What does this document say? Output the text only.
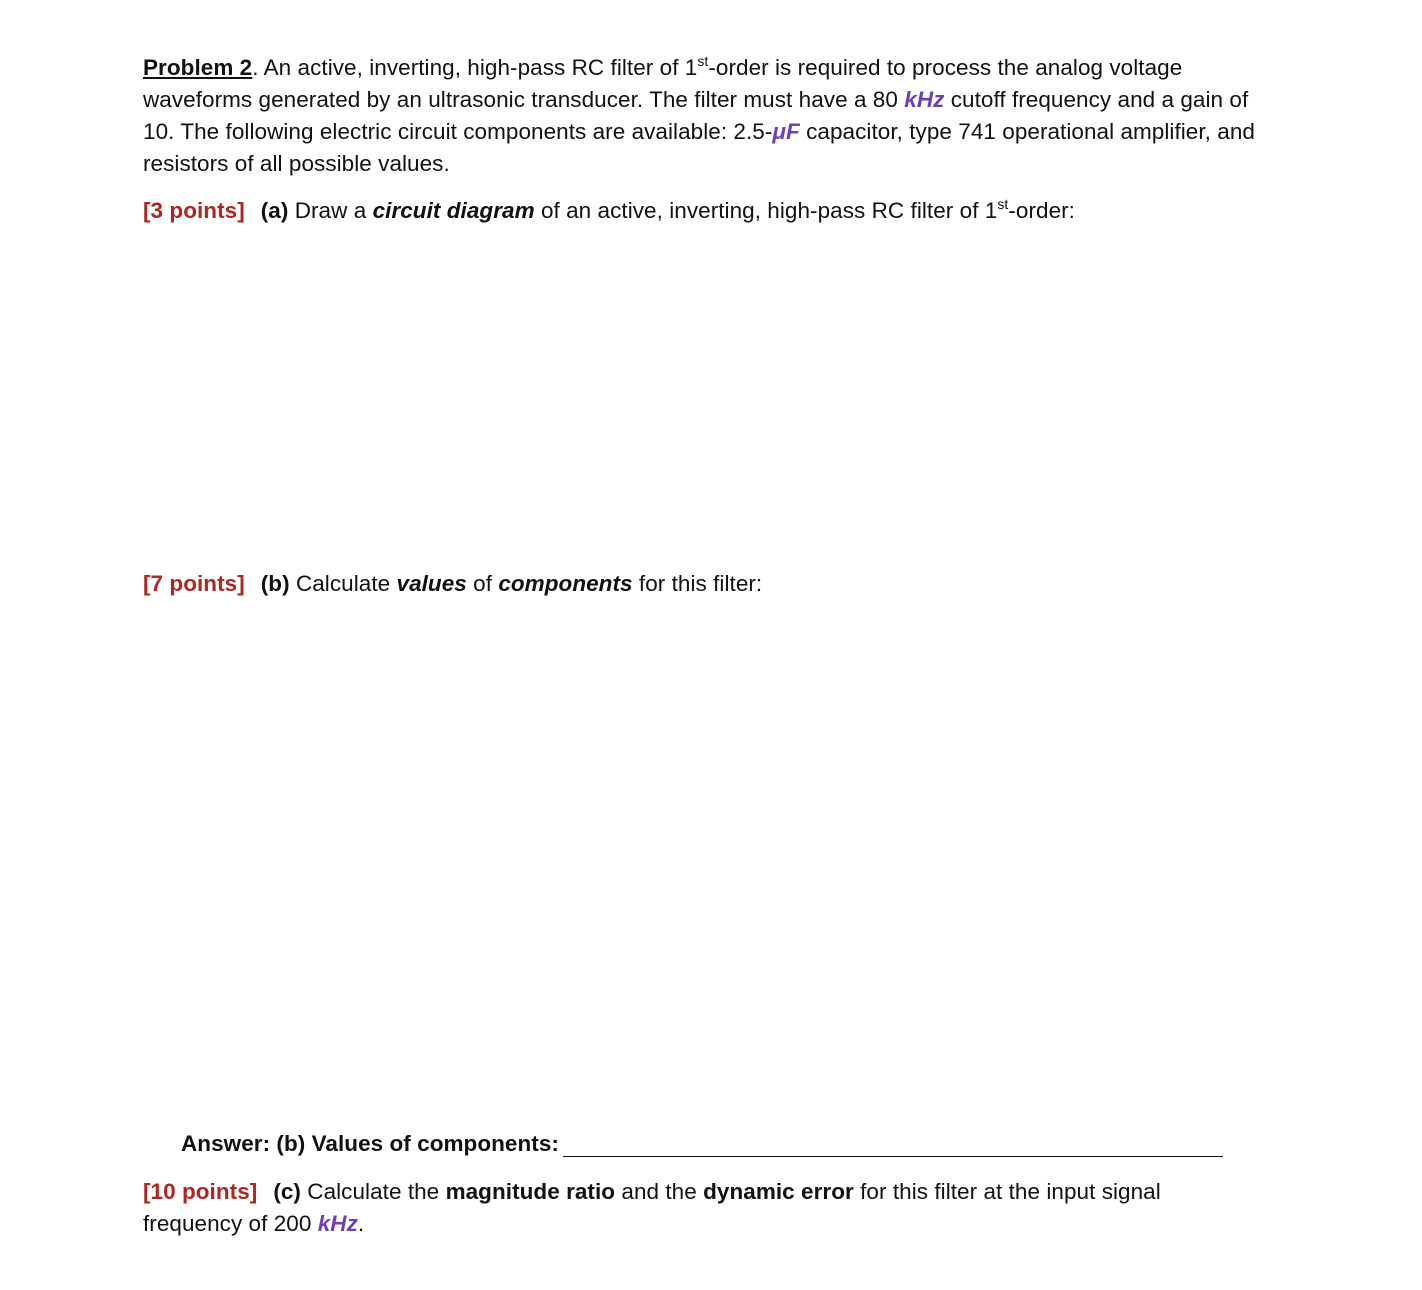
Problem 2. An active, inverting, high-pass RC filter of 1st-order is required to process the analog voltage waveforms generated by an ultrasonic transducer. The filter must have a 80 kHz cutoff frequency and a gain of 10. The following electric circuit components are available: 2.5-μF capacitor, type 741 operational amplifier, and resistors of all possible values.
[3 points] (a) Draw a circuit diagram of an active, inverting, high-pass RC filter of 1st-order:
[7 points] (b) Calculate values of components for this filter:
Answer: (b) Values of components:
[10 points] (c) Calculate the magnitude ratio and the dynamic error for this filter at the input signal frequency of 200 kHz.
